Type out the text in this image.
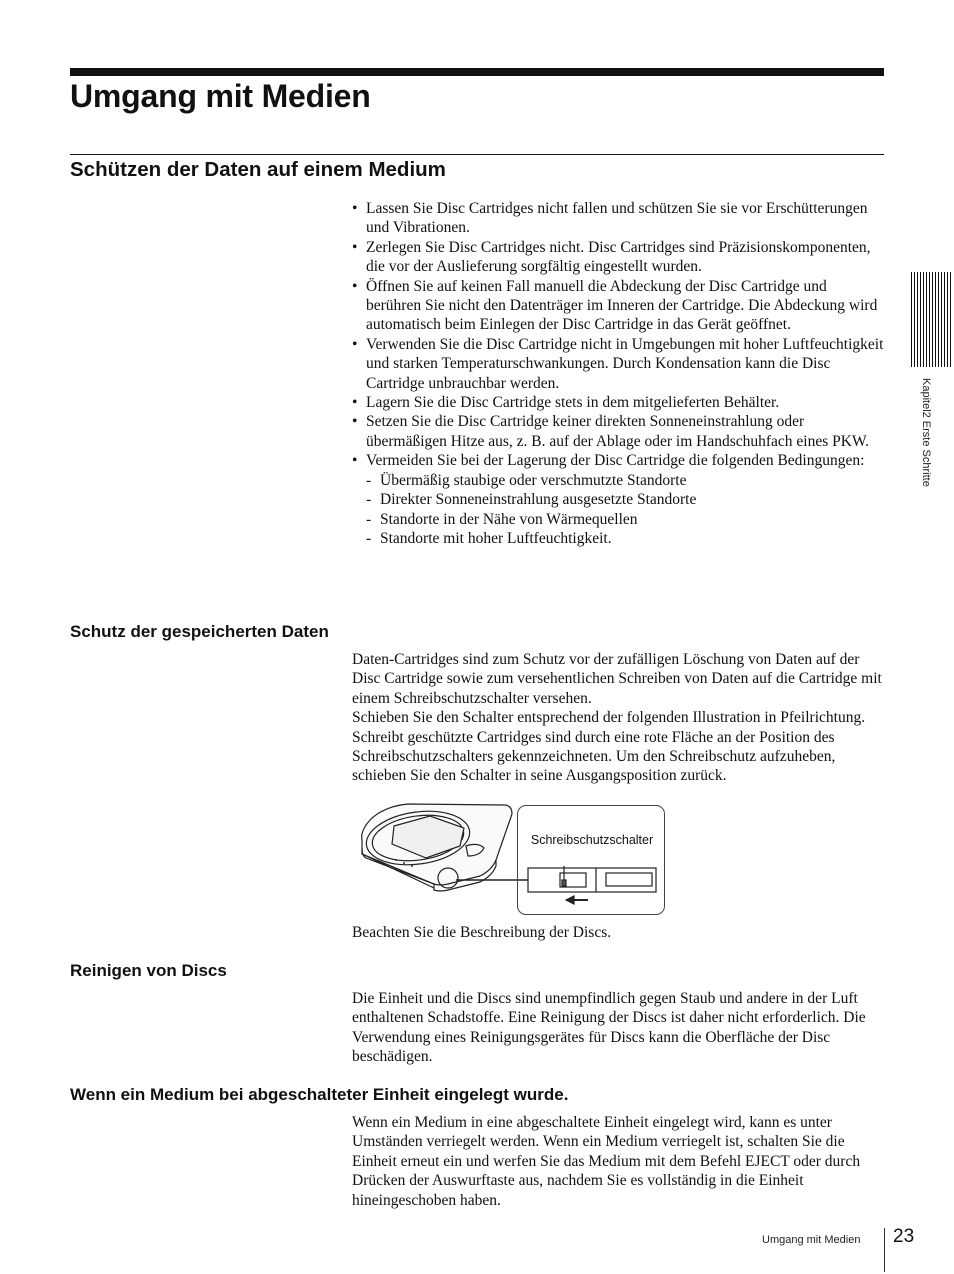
Umgang mit Medien
Schützen der Daten auf einem Medium
• Lassen Sie Disc Cartridges nicht fallen und schützen Sie sie vor Erschütterungen und Vibrationen.
• Zerlegen Sie Disc Cartridges nicht. Disc Cartridges sind Präzisionskomponenten, die vor der Auslieferung sorgfältig eingestellt wurden.
• Öffnen Sie auf keinen Fall manuell die Abdeckung der Disc Cartridge und berühren Sie nicht den Datenträger im Inneren der Cartridge. Die Abdeckung wird automatisch beim Einlegen der Disc Cartridge in das Gerät geöffnet.
• Verwenden Sie die Disc Cartridge nicht in Umgebungen mit hoher Luftfeuchtigkeit und starken Temperaturschwankungen. Durch Kondensation kann die Disc Cartridge unbrauchbar werden.
• Lagern Sie die Disc Cartridge stets in dem mitgelieferten Behälter.
• Setzen Sie die Disc Cartridge keiner direkten Sonneneinstrahlung oder übermäßigen Hitze aus, z. B. auf der Ablage oder im Handschuhfach eines PKW.
• Vermeiden Sie bei der Lagerung der Disc Cartridge die folgenden Bedingungen:
- Übermäßig staubige oder verschmutzte Standorte
- Direkter Sonneneinstrahlung ausgesetzte Standorte
- Standorte in der Nähe von Wärmequellen
- Standorte mit hoher Luftfeuchtigkeit.
Schutz der gespeicherten Daten

Daten-Cartridges sind zum Schutz vor der zufälligen Löschung von Daten auf der Disc Cartridge sowie zum versehentlichen Schreiben von Daten auf die Cartridge mit einem Schreibschutzschalter versehen.

Schieben Sie den Schalter entsprechend der folgenden Illustration in Pfeilrichtung. Schreibt geschützte Cartridges sind durch eine rote Fläche an der Position des Schreibschutzschalters gekennzeichneten. Um den Schreibschutz aufzuheben, schieben Sie den Schalter in seine Ausgangsposition zurück.

Schreibschutzschalter
Beachten Sie die Beschreibung der Discs.
Reinigen von Discs

Die Einheit und die Discs sind unempfindlich gegen Staub und andere in der Luft enthaltenen Schadstoffe. Eine Reinigung der Discs ist daher nicht erforderlich. Die Verwendung eines Reinigungsgerätes für Discs kann die Oberfläche der Disc beschädigen.

Wenn ein Medium bei abgeschalteter Einheit eingelegt wurde.

Wenn ein Medium in eine abgeschaltete Einheit eingelegt wird, kann es unter Umständen verriegelt werden. Wenn ein Medium verriegelt ist, schalten Sie die Einheit erneut ein und werfen Sie das Medium mit dem Befehl EJECT oder durch Drücken der Auswurftaste aus, nachdem Sie es vollständig in die Einheit hineingeschoben haben.

Kapitel2 Erste Schritte
Umgang mit Medien 23
